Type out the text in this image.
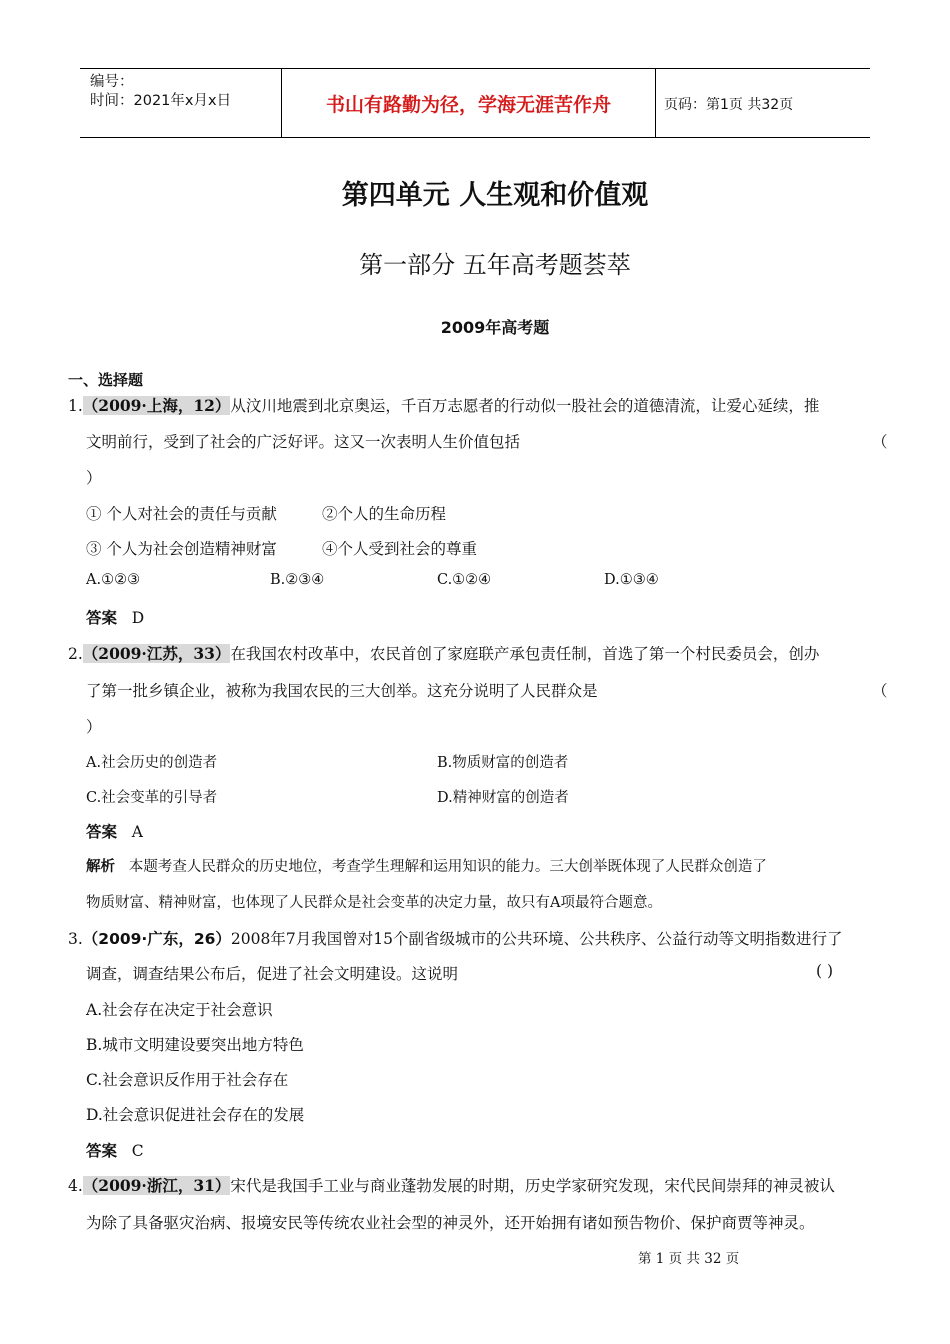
编号：
时间：2021年x月x日	书山有路勤为径，学海无涯苦作舟	页码：第1页 共32页
第四单元 人生观和价值观
第一部分 五年高考题荟萃
2009年高考题
一、选择题
1.（2009·上海，12）从汶川地震到北京奥运，千百万志愿者的行动似一股社会的道德清流，让爱心延续，推
文明前行，受到了社会的广泛好评。这又一次表明人生价值包括	（
）
① 个人对社会的责任与贡献	②个人的生命历程
③ 个人为社会创造精神财富	④个人受到社会的尊重
A.①②③	B.②③④	C.①②④	D.①③④
答案 D
2.（2009·江苏，33）在我国农村改革中，农民首创了家庭联产承包责任制，首选了第一个村民委员会，创办
了第一批乡镇企业，被称为我国农民的三大创举。这充分说明了人民群众是	（
）
A.社会历史的创造者	B.物质财富的创造者
C.社会变革的引导者	D.精神财富的创造者
答案 A
解析 本题考查人民群众的历史地位，考查学生理解和运用知识的能力。三大创举既体现了人民群众创造了
物质财富、精神财富，也体现了人民群众是社会变革的决定力量，故只有A项最符合题意。
3.（2009·广东，26）2008年7月我国曾对15个副省级城市的公共环境、公共秩序、公益行动等文明指数进行了
调查，调查结果公布后，促进了社会文明建设。这说明	( )
A.社会存在决定于社会意识
B.城市文明建设要突出地方特色
C.社会意识反作用于社会存在
D.社会意识促进社会存在的发展
答案 C
4.（2009·浙江，31）宋代是我国手工业与商业蓬勃发展的时期，历史学家研究发现，宋代民间崇拜的神灵被认
为除了具备驱灾治病、报境安民等传统农业社会型的神灵外，还开始拥有诸如预告物价、保护商贾等神灵。
第 1 页 共 32 页
